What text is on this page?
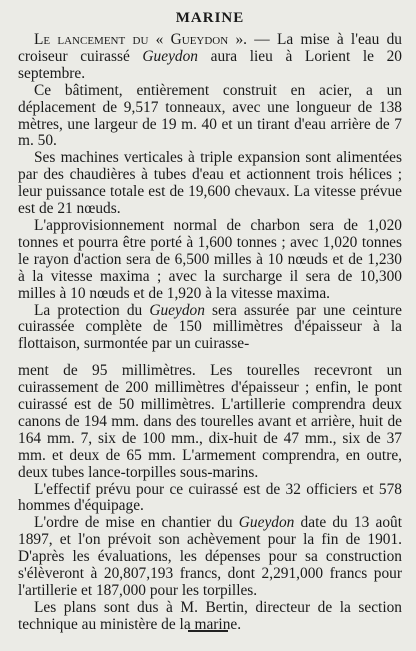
MARINE

Le lancement du « Gueydon ». — La mise à l'eau du croiseur cuirassé Gueydon aura lieu à Lorient le 20 septembre.

Ce bâtiment, entièrement construit en acier, a un déplacement de 9,517 tonneaux, avec une longueur de 138 mètres, une largeur de 19 m. 40 et un tirant d'eau arrière de 7 m. 50.

Ses machines verticales à triple expansion sont alimentées par des chaudières à tubes d'eau et actionnent trois hélices ; leur puissance totale est de 19,600 chevaux. La vitesse prévue est de 21 nœuds.

L'approvisionnement normal de charbon sera de 1,020 tonnes et pourra être porté à 1,600 tonnes ; avec 1,020 tonnes le rayon d'action sera de 6,500 milles à 10 nœuds et de 1,230 à la vitesse maxima ; avec la surcharge il sera de 10,300 milles à 10 nœuds et de 1,920 à la vitesse maxima.

La protection du Gueydon sera assurée par une ceinture cuirassée complète de 150 millimètres d'épaisseur à la flottaison, surmontée par un cuirasse-

ment de 95 millimètres. Les tourelles recevront un cuirassement de 200 millimètres d'épaisseur ; enfin, le pont cuirassé est de 50 millimètres. L'artillerie comprendra deux canons de 194 mm. dans des tourelles avant et arrière, huit de 164 mm. 7, six de 100 mm., dix-huit de 47 mm., six de 37 mm. et deux de 65 mm. L'armement comprendra, en outre, deux tubes lance-torpilles sous-marins.

L'effectif prévu pour ce cuirassé est de 32 officiers et 578 hommes d'équipage.

L'ordre de mise en chantier du Gueydon date du 13 août 1897, et l'on prévoit son achèvement pour la fin de 1901. D'après les évaluations, les dépenses pour sa construction s'élèveront à 20,807,193 francs, dont 2,291,000 francs pour l'artillerie et 187,000 pour les torpilles.

Les plans sont dus à M. Bertin, directeur de la section technique au ministère de la marine.
